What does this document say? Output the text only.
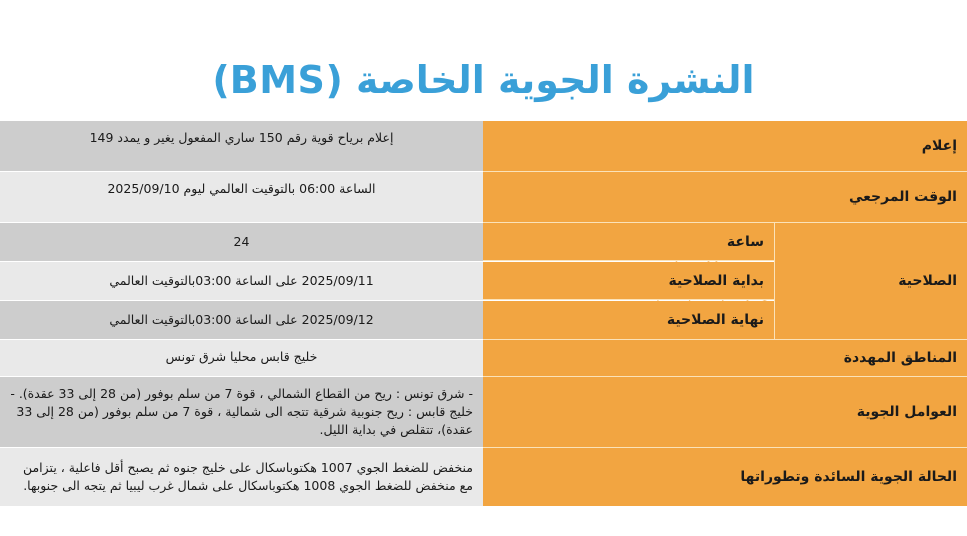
النشرة الجوية الخاصة (BMS)
إعلام
إعلام برياح قوية رقم 150 ساري المفعول يغير و يمدد 149
الوقت المرجعي
الساعة 06:00 بالتوقيت العالمي ليوم 2025/09/10
الصلاحية
ساعة
24
بداية الصلاحية
2025/09/11 على الساعة 03:00بالتوقيت العالمي
نهاية الصلاحية
2025/09/12 على الساعة 03:00بالتوقيت العالمي
المناطق المهددة
خليج قابس محليا شرق تونس
العوامل الجوية
- شرق تونس : ريح من القطاع الشمالي ، قوة 7 من سلم بوفور (من 28 إلى 33 عقدة). - خليج قابس : ريح جنوبية شرقية تتجه الى شمالية ، قوة 7 من سلم بوفور (من 28 إلى 33 عقدة)، تتقلص في بداية الليل.
الحالة الجوية السائدة وتطوراتها
منخفض للضغط الجوي 1007 هكتوباسكال على خليج جنوه ثم يصبح أقل فاعلية ، يتزامن مع منخفض للضغط الجوي 1008 هكتوباسكال على شمال غرب ليبيا ثم يتجه الى جنوبها.
